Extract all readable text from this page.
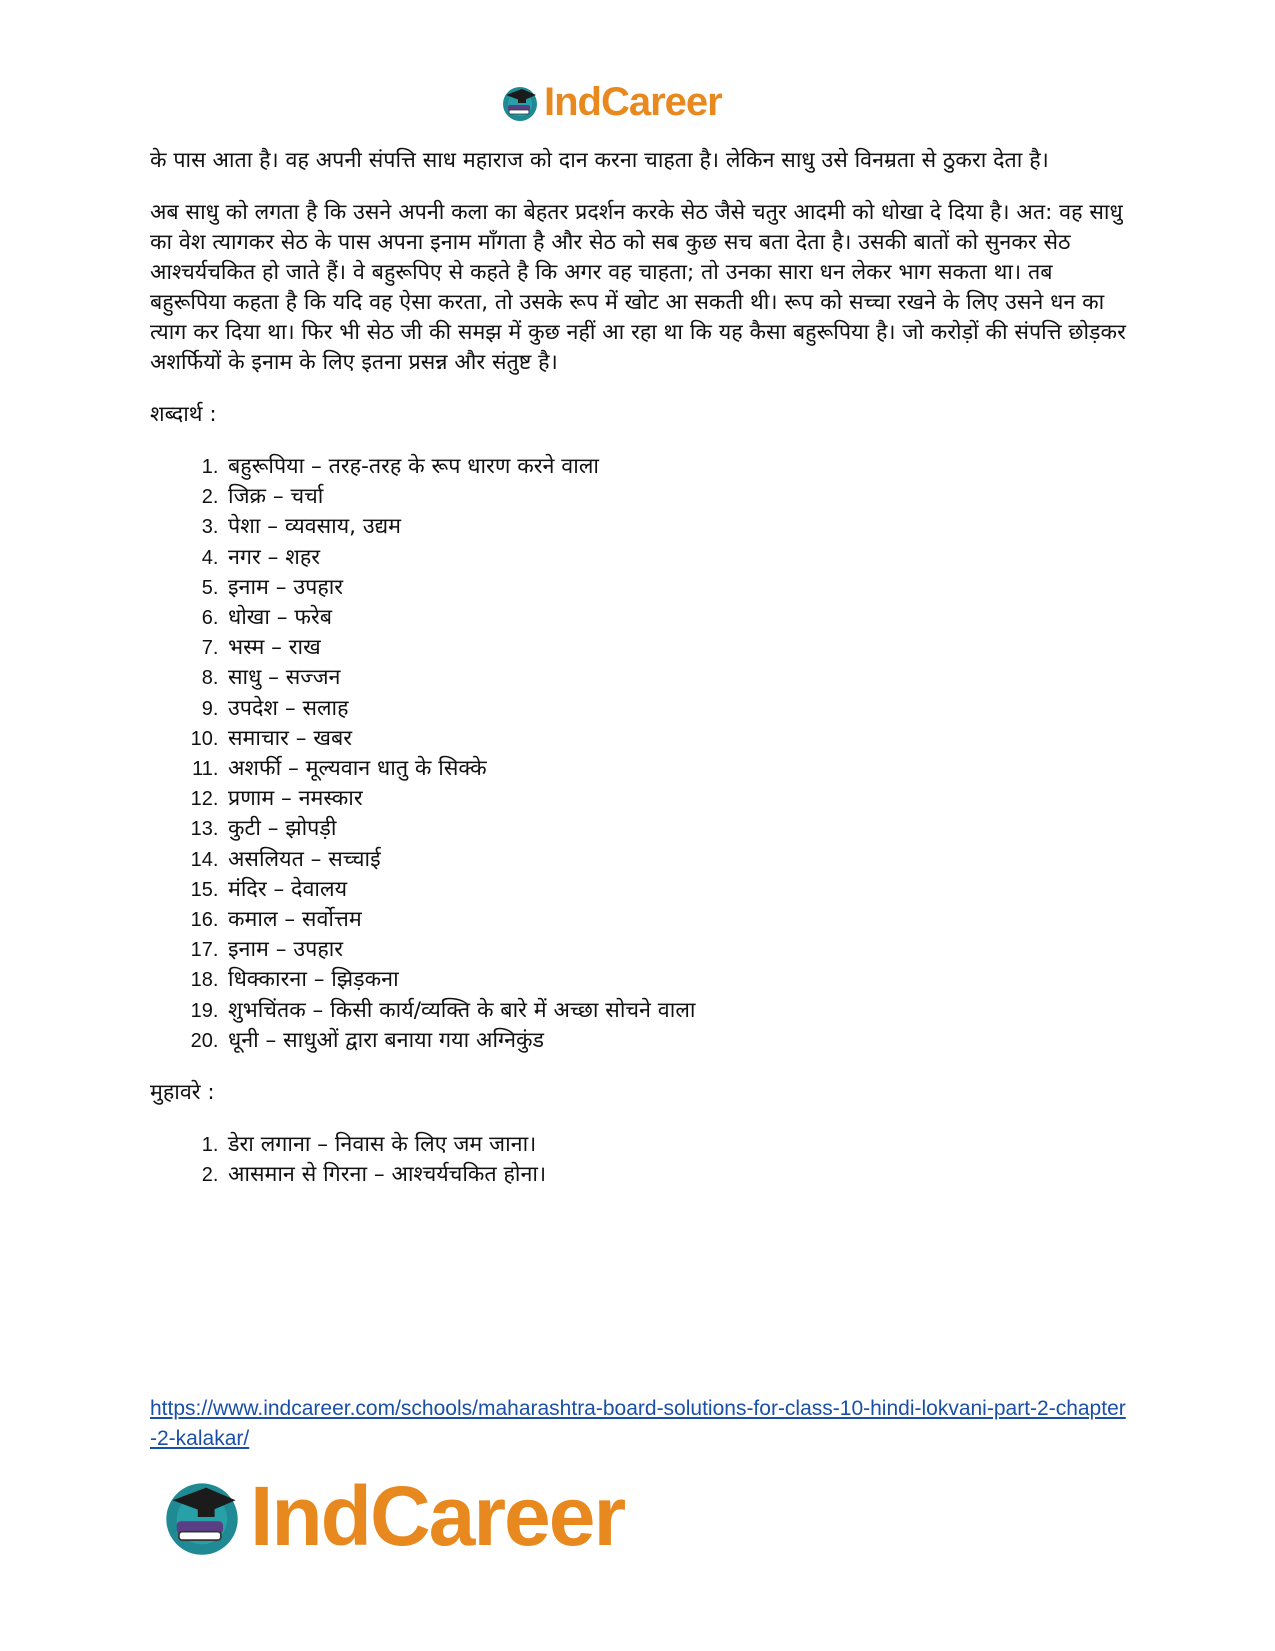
IndCareer

के पास आता है। वह अपनी संपत्ति साध महाराज को दान करना चाहता है। लेकिन साधु उसे विनम्रता से ठुकरा देता है।

अब साधु को लगता है कि उसने अपनी कला का बेहतर प्रदर्शन करके सेठ जैसे चतुर आदमी को धोखा दे दिया है। अत: वह साधु का वेश त्यागकर सेठ के पास अपना इनाम माँगता है और सेठ को सब कुछ सच बता देता है। उसकी बातों को सुनकर सेठ आश्चर्यचकित हो जाते हैं। वे बहुरूपिए से कहते है कि अगर वह चाहता; तो उनका सारा धन लेकर भाग सकता था। तब बहुरूपिया कहता है कि यदि वह ऐसा करता, तो उसके रूप में खोट आ सकती थी। रूप को सच्चा रखने के लिए उसने धन का त्याग कर दिया था। फिर भी सेठ जी की समझ में कुछ नहीं आ रहा था कि यह कैसा बहुरूपिया है। जो करोड़ों की संपत्ति छोड़कर अशर्फियों के इनाम के लिए इतना प्रसन्न और संतुष्ट है।

शब्दार्थ :
1. बहुरूपिया – तरह-तरह के रूप धारण करने वाला
2. जिक्र – चर्चा
3. पेशा – व्यवसाय, उद्यम
4. नगर – शहर
5. इनाम – उपहार
6. धोखा – फरेब
7. भस्म – राख
8. साधु – सज्जन
9. उपदेश – सलाह
10. समाचार – खबर
11. अशर्फी – मूल्यवान धातु के सिक्के
12. प्रणाम – नमस्कार
13. कुटी – झोपड़ी
14. असलियत – सच्चाई
15. मंदिर – देवालय
16. कमाल – सर्वोत्तम
17. इनाम – उपहार
18. धिक्कारना – झिड़कना
19. शुभचिंतक – किसी कार्य/व्यक्ति के बारे में अच्छा सोचने वाला
20. धूनी – साधुओं द्वारा बनाया गया अग्निकुंड
मुहावरे :
1. डेरा लगाना – निवास के लिए जम जाना।
2. आसमान से गिरना – आश्चर्यचकित होना।
https://www.indcareer.com/schools/maharashtra-board-solutions-for-class-10-hindi-lokvani-part-2-chapter-2-kalakar/
IndCareer
